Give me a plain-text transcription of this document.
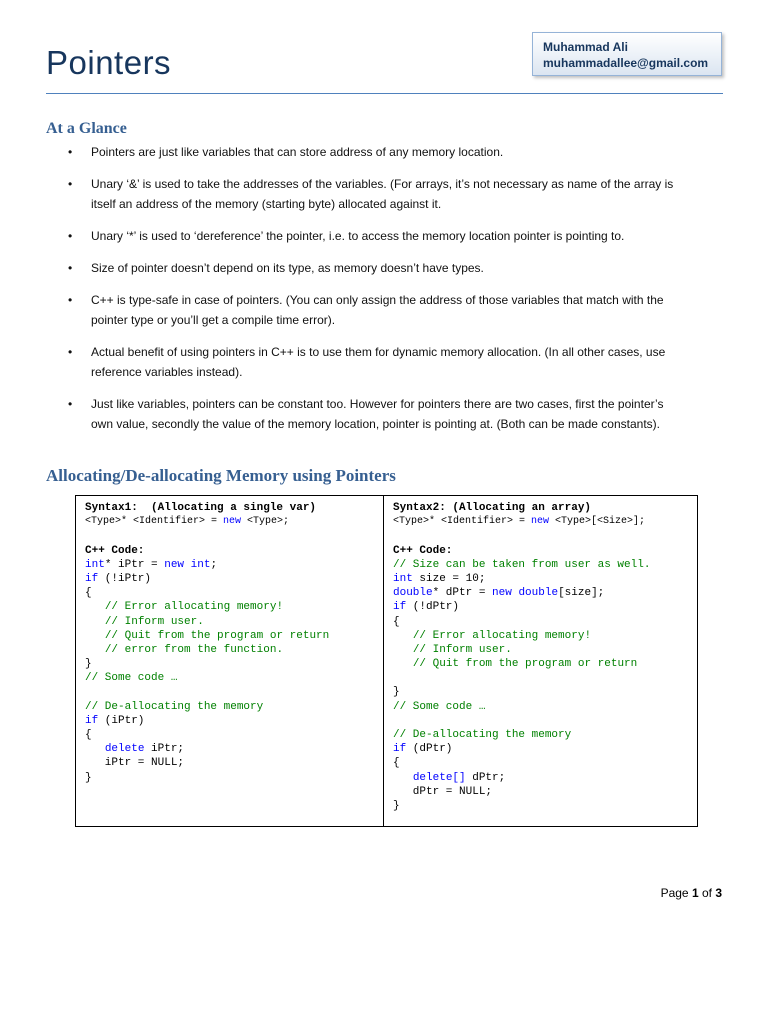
Pointers	Muhammad Ali
muhammadallee@gmail.com
At a Glance
• Pointers are just like variables that can store address of any memory location.
• Unary ‘&’ is used to take the addresses of the variables. (For arrays, it’s not necessary as name of the array is
itself an address of the memory (starting byte) allocated against it.
• Unary ‘*’ is used to ‘dereference’ the pointer, i.e. to access the memory location pointer is pointing to.
• Size of pointer doesn’t depend on its type, as memory doesn’t have types.
• C++ is type-safe in case of pointers. (You can only assign the address of those variables that match with the
pointer type or you’ll get a compile time error).
• Actual benefit of using pointers in C++ is to use them for dynamic memory allocation. (In all other cases, use
reference variables instead).
• Just like variables, pointers can be constant too. However for pointers there are two cases, first the pointer’s
own value, secondly the value of the memory location, pointer is pointing at. (Both can be made constants).
Allocating/De-allocating Memory using Pointers
Syntax1:  (Allocating a single var)
<Type>* <Identifier> = new <Type>;
C++ Code:
int* iPtr = new int;
if (!iPtr)
{
// Error allocating memory!
// Inform user.
// Quit from the program or return
// error from the function.
}
// Some code …
// De-allocating the memory
if (iPtr)
{
delete iPtr;
iPtr = NULL;
}
Syntax2: (Allocating an array)
<Type>* <Identifier> = new <Type>[<Size>];
C++ Code:
// Size can be taken from user as well.
int size = 10;
double* dPtr = new double[size];
if (!dPtr)
{
// Error allocating memory!
// Inform user.
// Quit from the program or return
}
// Some code …
// De-allocating the memory
if (dPtr)
{
delete[] dPtr;
dPtr = NULL;
}
Page 1 of 3
